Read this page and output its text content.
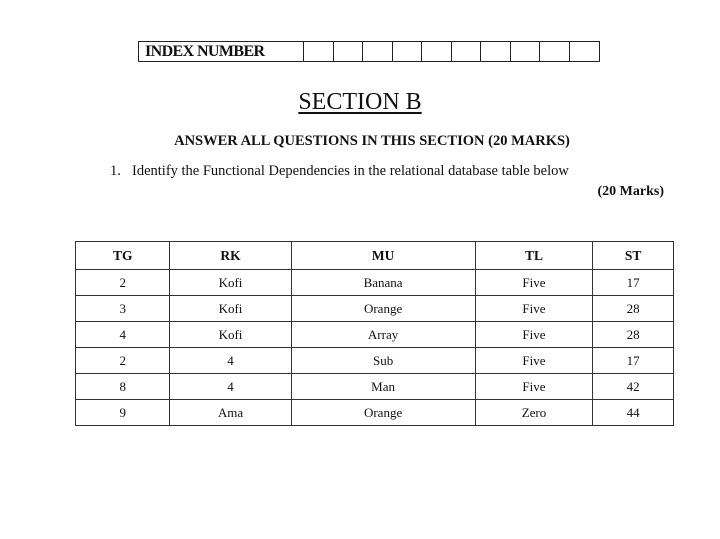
INDEX NUMBER
SECTION B
ANSWER ALL QUESTIONS IN THIS SECTION (20 MARKS)
1. Identify the Functional Dependencies in the relational database table below
(20 Marks)
TG	RK	MU	TL	ST
2	Kofi	Banana	Five	17
3	Kofi	Orange	Five	28
4	Kofi	Array	Five	28
2	4	Sub	Five	17
8	4	Man	Five	42
9	Ama	Orange	Zero	44
